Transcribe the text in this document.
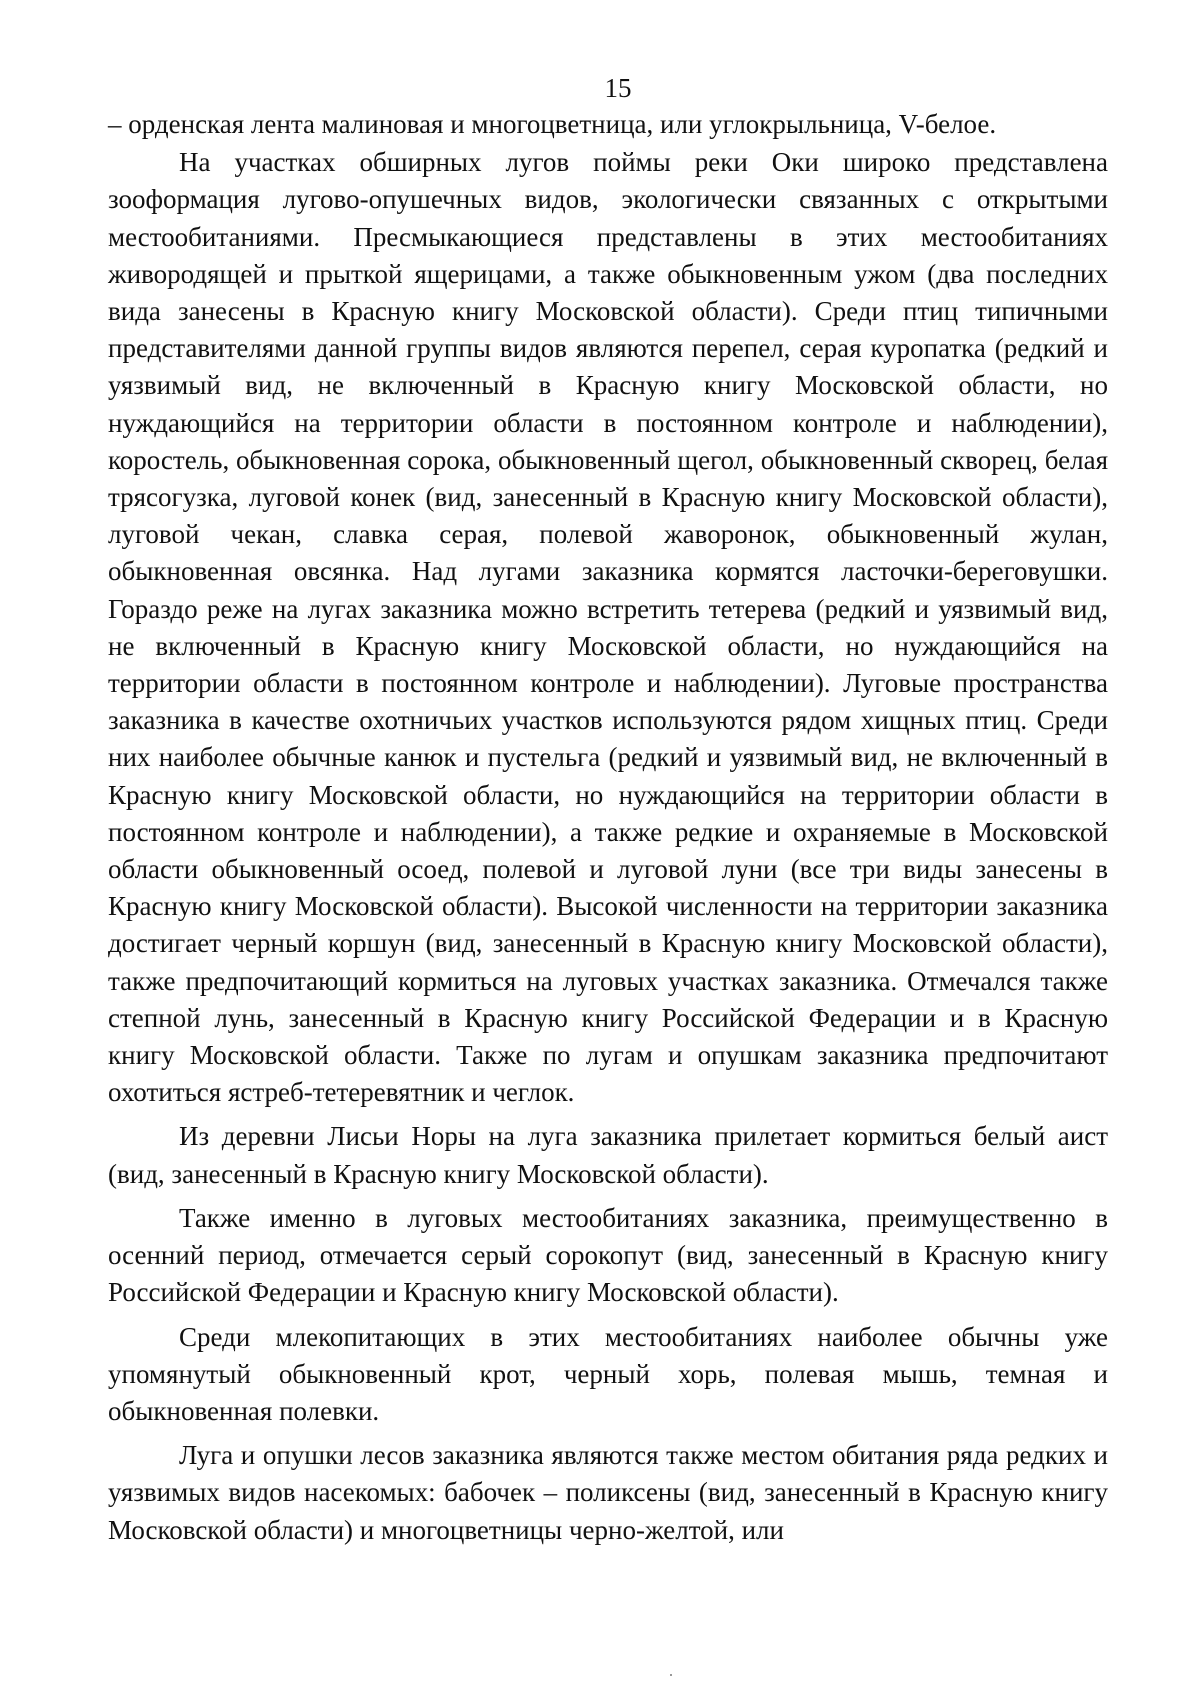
15

– орденская лента малиновая и многоцветница, или углокрыльница, V-белое.

На участках обширных лугов поймы реки Оки широко представлена зооформация лугово-опушечных видов, экологически связанных с открытыми местообитаниями. Пресмыкающиеся представлены в этих местообитаниях живородящей и прыткой ящерицами, а также обыкновенным ужом (два последних вида занесены в Красную книгу Московской области). Среди птиц типичными представителями данной группы видов являются перепел, серая куропатка (редкий и уязвимый вид, не включенный в Красную книгу Московской области, но нуждающийся на территории области в постоянном контроле и наблюдении), коростель, обыкновенная сорока, обыкновенный щегол, обыкновенный скворец, белая трясогузка, луговой конек (вид, занесенный в Красную книгу Московской области), луговой чекан, славка серая, полевой жаворонок, обыкновенный жулан, обыкновенная овсянка. Над лугами заказника кормятся ласточки-береговушки. Гораздо реже на лугах заказника можно встретить тетерева (редкий и уязвимый вид, не включенный в Красную книгу Московской области, но нуждающийся на территории области в постоянном контроле и наблюдении). Луговые пространства заказника в качестве охотничьих участков используются рядом хищных птиц. Среди них наиболее обычные канюк и пустельга (редкий и уязвимый вид, не включенный в Красную книгу Московской области, но нуждающийся на территории области в постоянном контроле и наблюдении), а также редкие и охраняемые в Московской области обыкновенный осоед, полевой и луговой луни (все три виды занесены в Красную книгу Московской области). Высокой численности на территории заказника достигает черный коршун (вид, занесенный в Красную книгу Московской области), также предпочитающий кормиться на луговых участках заказника. Отмечался также степной лунь, занесенный в Красную книгу Российской Федерации и в Красную книгу Московской области. Также по лугам и опушкам заказника предпочитают охотиться ястреб-тетеревятник и чеглок.

Из деревни Лисьи Норы на луга заказника прилетает кормиться белый аист (вид, занесенный в Красную книгу Московской области).

Также именно в луговых местообитаниях заказника, преимущественно в осенний период, отмечается серый сорокопут (вид, занесенный в Красную книгу Российской Федерации и Красную книгу Московской области).

Среди млекопитающих в этих местообитаниях наиболее обычны уже упомянутый обыкновенный крот, черный хорь, полевая мышь, темная и обыкновенная полевки.

Луга и опушки лесов заказника являются также местом обитания ряда редких и уязвимых видов насекомых: бабочек – поликсены (вид, занесенный в Красную книгу Московской области) и многоцветницы черно-желтой, или
